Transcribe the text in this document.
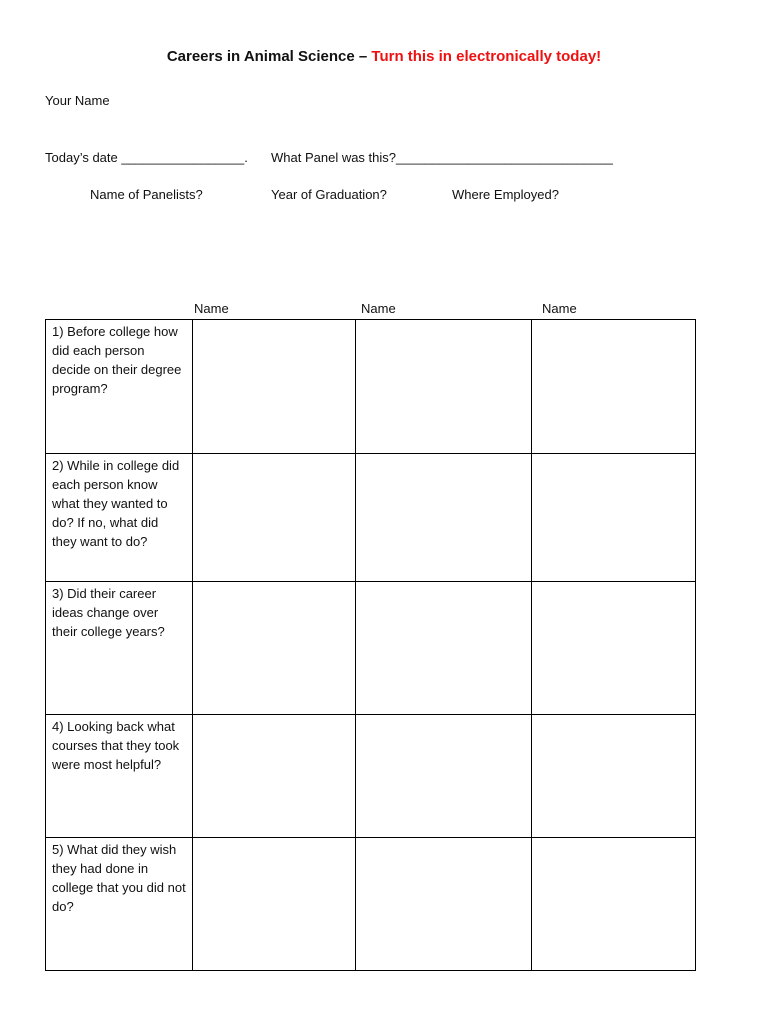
Careers in Animal Science – Turn this in electronically today!
Your Name
Today’s date _________________. What Panel was this?______________________________
Name of Panelists?	Year of Graduation?	Where Employed?
Name	Name	Name
1) Before college how did each person decide on their degree program?			
2) While in college did each person know what they wanted to do? If no, what did they want to do?			
3) Did their career ideas change over their college years?			
4) Looking back what courses that they took were most helpful?			
5) What did they wish they had done in college that you did not do?			
